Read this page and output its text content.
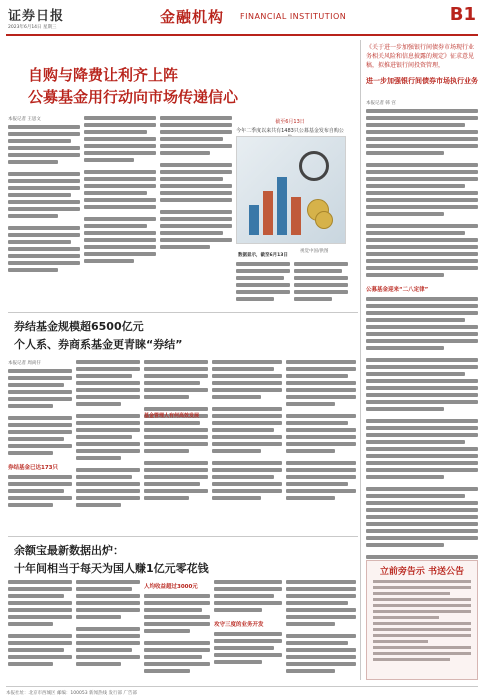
证券日报
2023年6月14日 星期三
金融机构 FINANCIAL INSTITUTION	B1
自购与降费让利齐上阵
公募基金用行动向市场传递信心
本报记者 王思文	截至6月13日
今年二季度以来共有1483只公募基金发布自购公
视觉中国/供图
数据显示，截至6月13日
《关于进一步加强银行间债券市场现行业务相关风险和信息披露的规定》征求意见稿，拟推进银行间投资管理，
进一步加强银行间债券市场执行业务
本报记者 韩 宫
公募基金迎来“二八定律”
立前旁告示 书送公告
券结基金规模超6500亿元
个人系、券商系基金更青睐“券结”
本报记者 周尚仔
券结基金已达173只
余额宝最新数据出炉：
十年间相当于每天为国人赚1亿元零花钱
人均收益超过3000元
攻守三度的业务开发
基金管理人有何高效发展
本报社址：北京市西城区 邮编：100053 新闻热线 发行部 广告部
